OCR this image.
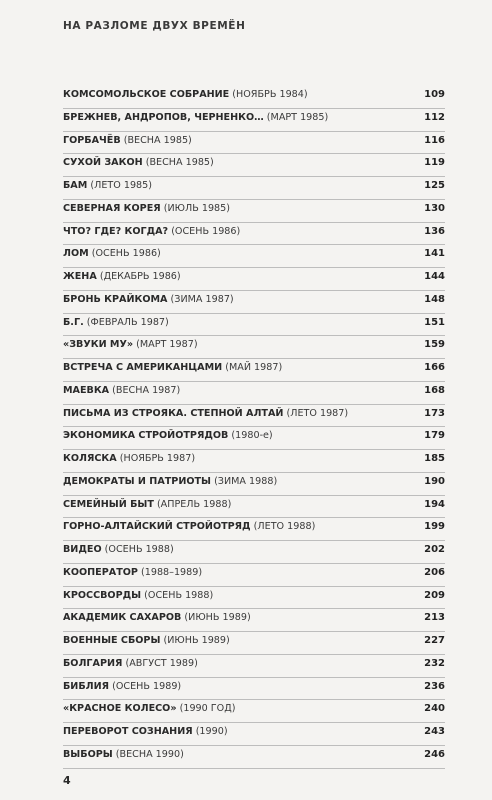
НА РАЗЛОМЕ ДВУХ ВРЕМЁН
КОМСОМОЛЬСКОЕ СОБРАНИЕ (НОЯБРЬ 1984)	109
БРЕЖНЕВ, АНДРОПОВ, ЧЕРНЕНКО… (МАРТ 1985)	112
ГОРБАЧЁВ (ВЕСНА 1985)	116
СУХОЙ ЗАКОН (ВЕСНА 1985)	119
БАМ (ЛЕТО 1985)	125
СЕВЕРНАЯ КОРЕЯ (ИЮЛЬ 1985)	130
ЧТО? ГДЕ? КОГДА? (ОСЕНЬ 1986)	136
ЛОМ (ОСЕНЬ 1986)	141
ЖЕНА (ДЕКАБРЬ 1986)	144
БРОНЬ КРАЙКОМА (ЗИМА 1987)	148
Б.Г. (ФЕВРАЛЬ 1987)	151
«ЗВУКИ МУ» (МАРТ 1987)	159
ВСТРЕЧА С АМЕРИКАНЦАМИ (МАЙ 1987)	166
МАЕВКА (ВЕСНА 1987)	168
ПИСЬМА ИЗ СТРОЯКА. СТЕПНОЙ АЛТАЙ (ЛЕТО 1987)	173
ЭКОНОМИКА СТРОЙОТРЯДОВ (1980-е)	179
КОЛЯСКА (НОЯБРЬ 1987)	185
ДЕМОКРАТЫ И ПАТРИОТЫ (ЗИМА 1988)	190
СЕМЕЙНЫЙ БЫТ (АПРЕЛЬ 1988)	194
ГОРНО-АЛТАЙСКИЙ СТРОЙОТРЯД (ЛЕТО 1988)	199
ВИДЕО (ОСЕНЬ 1988)	202
КООПЕРАТОР (1988–1989)	206
КРОССВОРДЫ (ОСЕНЬ 1988)	209
АКАДЕМИК САХАРОВ (ИЮНЬ 1989)	213
ВОЕННЫЕ СБОРЫ (ИЮНЬ 1989)	227
БОЛГАРИЯ (АВГУСТ 1989)	232
БИБЛИЯ (ОСЕНЬ 1989)	236
«КРАСНОЕ КОЛЕСО» (1990 ГОД)	240
ПЕРЕВОРОТ СОЗНАНИЯ (1990)	243
ВЫБОРЫ (ВЕСНА 1990)	246
4
